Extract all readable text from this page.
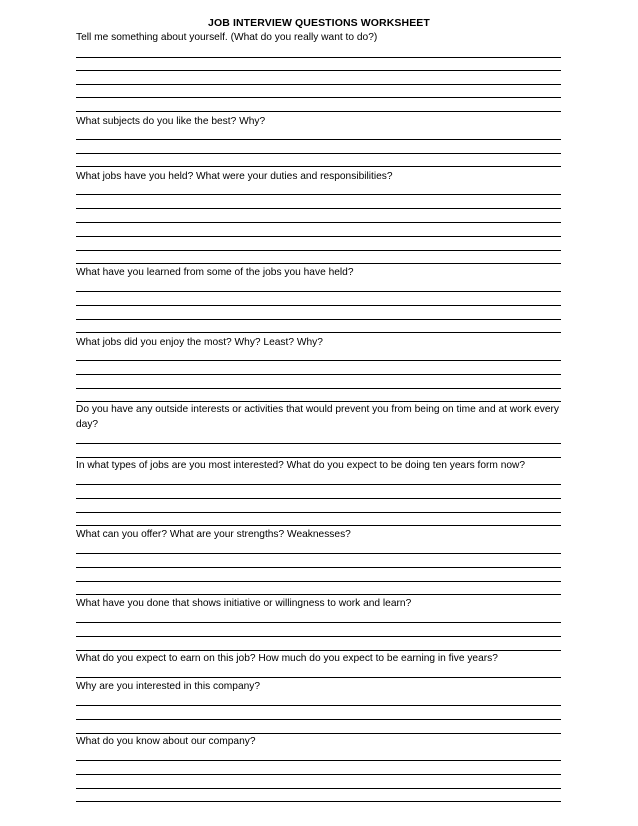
JOB INTERVIEW QUESTIONS WORKSHEET
Tell me something about yourself. (What do you really want to do?)
What subjects do you like the best? Why?
What jobs have you held? What were your duties and responsibilities?
What have you learned from some of the jobs you have held?
What jobs did you enjoy the most? Why? Least? Why?
Do you have any outside interests or activities that would prevent you from being on time and at work every day?
In what types of jobs are you most interested? What do you expect to be doing ten years form now?
What can you offer? What are your strengths? Weaknesses?
What have you done that shows initiative or willingness to work and learn?
What do you expect to earn on this job? How much do you expect to be earning in five years?
Why are you interested in this company?
What do you know about our company?
